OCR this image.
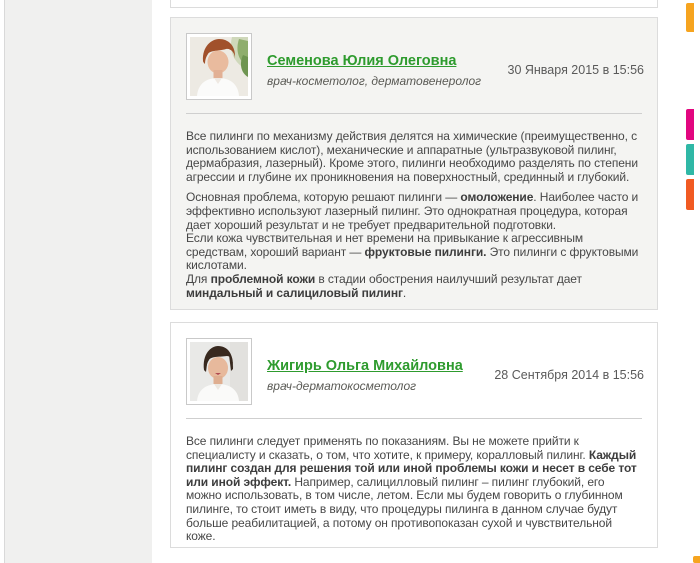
Семенова Юлия Олеговна
врач-косметолог, дерматовенеролог
30 Января 2015 в 15:56

Все пилинги по механизму действия делятся на химические (преимущественно, с использованием кислот), механические и аппаратные (ультразвуковой пилинг, дермабразия, лазерный). Кроме этого, пилинги необходимо разделять по степени агрессии и глубине их проникновения на поверхностный, срединный и глубокий.

Основная проблема, которую решают пилинги — омоложение. Наиболее часто и эффективно используют лазерный пилинг. Это однократная процедура, которая дает хороший результат и не требует предварительной подготовки.
Если кожа чувствительная и нет времени на привыкание к агрессивным средствам, хороший вариант — фруктовые пилинги. Это пилинги с фруктовыми кислотами.
Для проблемной кожи в стадии обострения наилучший результат дает миндальный и салициловый пилинг.

Жигирь Ольга Михайловна
врач-дерматокосметолог
28 Сентября 2014 в 15:56

Все пилинги следует применять по показаниям. Вы не можете прийти к специалисту и сказать, о том, что хотите, к примеру, коралловый пилинг. Каждый пилинг создан для решения той или иной проблемы кожи и несет в себе тот или иной эффект. Например, салицилловый пилинг – пилинг глубокий, его можно использовать, в том числе, летом. Если мы будем говорить о глубинном пилинге, то стоит иметь в виду, что процедуры пилинга в данном случае будут больше реабилитацией, а потому он противопоказан сухой и чувствительной коже.
